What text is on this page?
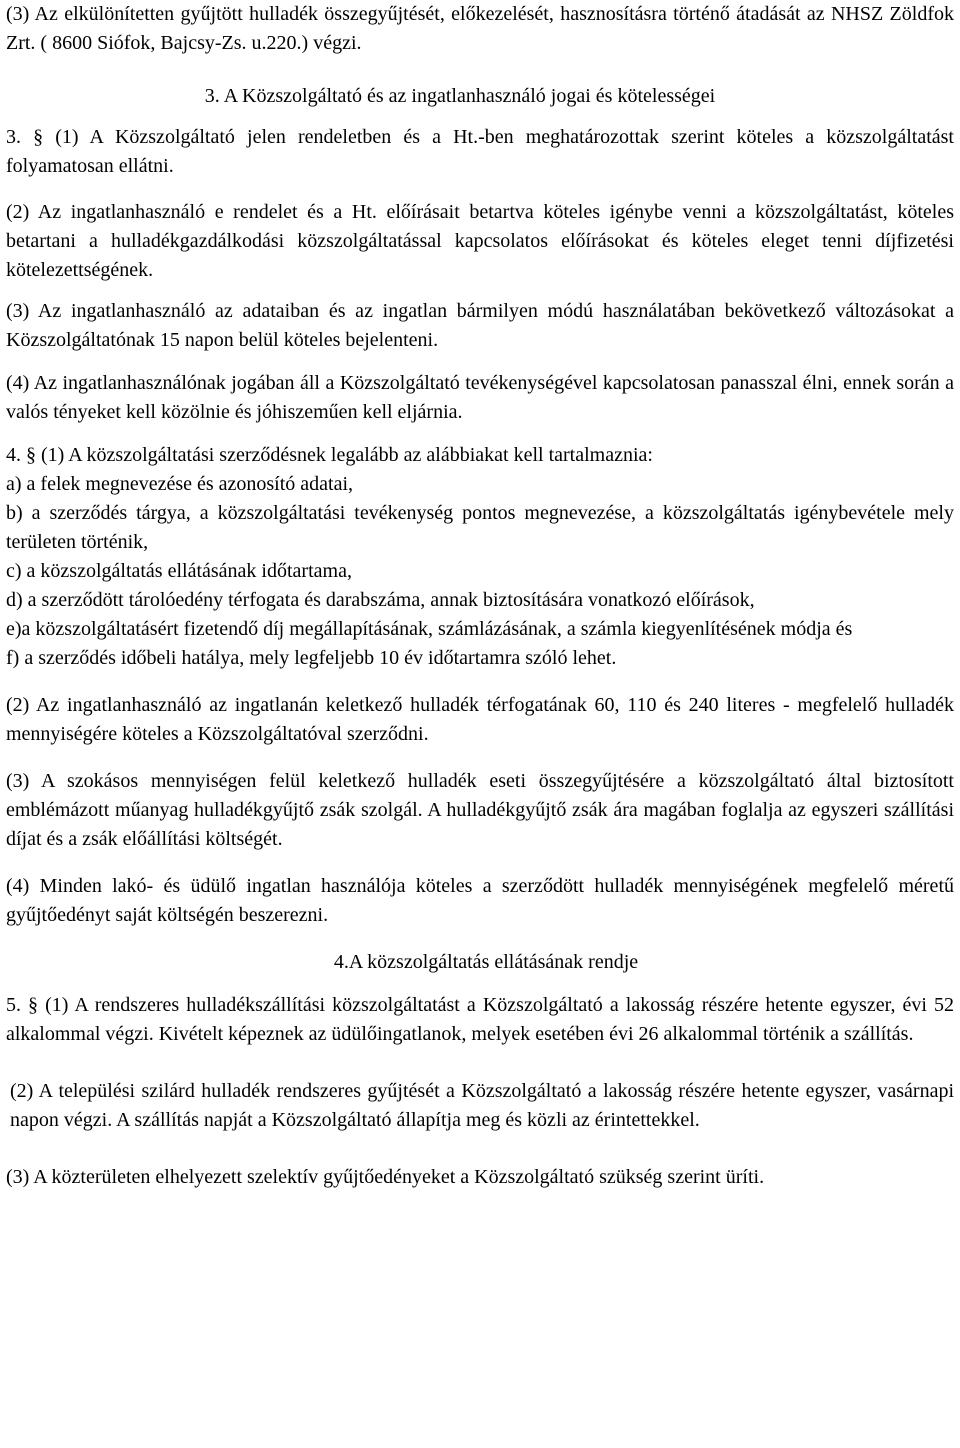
(3) Az elkülönítetten gyűjtött hulladék összegyűjtését, előkezelését, hasznosításra történő átadását az NHSZ Zöldfok Zrt. ( 8600 Siófok, Bajcsy-Zs. u.220.) végzi.

3. A Közszolgáltató és az ingatlanhasználó jogai és kötelességei

3. § (1) A Közszolgáltató jelen rendeletben és a Ht.-ben meghatározottak szerint köteles a közszolgáltatást folyamatosan ellátni.

(2) Az ingatlanhasználó e rendelet és a Ht. előírásait betartva köteles igénybe venni a közszolgáltatást, köteles betartani a hulladékgazdálkodási közszolgáltatással kapcsolatos előírásokat és köteles eleget tenni díjfizetési kötelezettségének.

(3) Az ingatlanhasználó az adataiban és az ingatlan bármilyen módú használatában bekövetkező változásokat a Közszolgáltatónak 15 napon belül köteles bejelenteni.

(4) Az ingatlanhasználónak jogában áll a Közszolgáltató tevékenységével kapcsolatosan panasszal élni, ennek során a valós tényeket kell közölnie és jóhiszeműen kell eljárnia.

4. § (1) A közszolgáltatási szerződésnek legalább az alábbiakat kell tartalmaznia:

a) a felek megnevezése és azonosító adatai,

b) a szerződés tárgya, a közszolgáltatási tevékenység pontos megnevezése, a közszolgáltatás igénybevétele mely területen történik,

c) a közszolgáltatás ellátásának időtartama,

d) a szerződött tárolóedény térfogata és darabszáma, annak biztosítására vonatkozó előírások,

e)a közszolgáltatásért fizetendő díj megállapításának, számlázásának, a számla kiegyenlítésének módja és

f) a szerződés időbeli hatálya, mely legfeljebb 10 év időtartamra szóló lehet.

(2) Az ingatlanhasználó az ingatlanán keletkező hulladék térfogatának 60, 110 és 240 literes - megfelelő hulladék mennyiségére köteles a Közszolgáltatóval szerződni.

(3) A szokásos mennyiségen felül keletkező hulladék eseti összegyűjtésére a közszolgáltató által biztosított emblémázott műanyag hulladékgyűjtő zsák szolgál. A hulladékgyűjtő zsák ára magában foglalja az egyszeri szállítási díjat és a zsák előállítási költségét.

(4) Minden lakó- és üdülő ingatlan használója köteles a szerződött hulladék mennyiségének megfelelő méretű gyűjtőedényt saját költségén beszerezni.

4.A közszolgáltatás ellátásának rendje

5. § (1) A rendszeres hulladékszállítási közszolgáltatást a Közszolgáltató a lakosság részére hetente egyszer, évi 52 alkalommal végzi. Kivételt képeznek az üdülőingatlanok, melyek esetében évi 26 alkalommal történik a szállítás.

(2) A települési szilárd hulladék rendszeres gyűjtését a Közszolgáltató a lakosság részére hetente egyszer, vasárnapi napon végzi. A szállítás napját a Közszolgáltató állapítja meg és közli az érintettekkel.

(3) A közterületen elhelyezett szelektív gyűjtőedényeket a Közszolgáltató szükség szerint üríti.
